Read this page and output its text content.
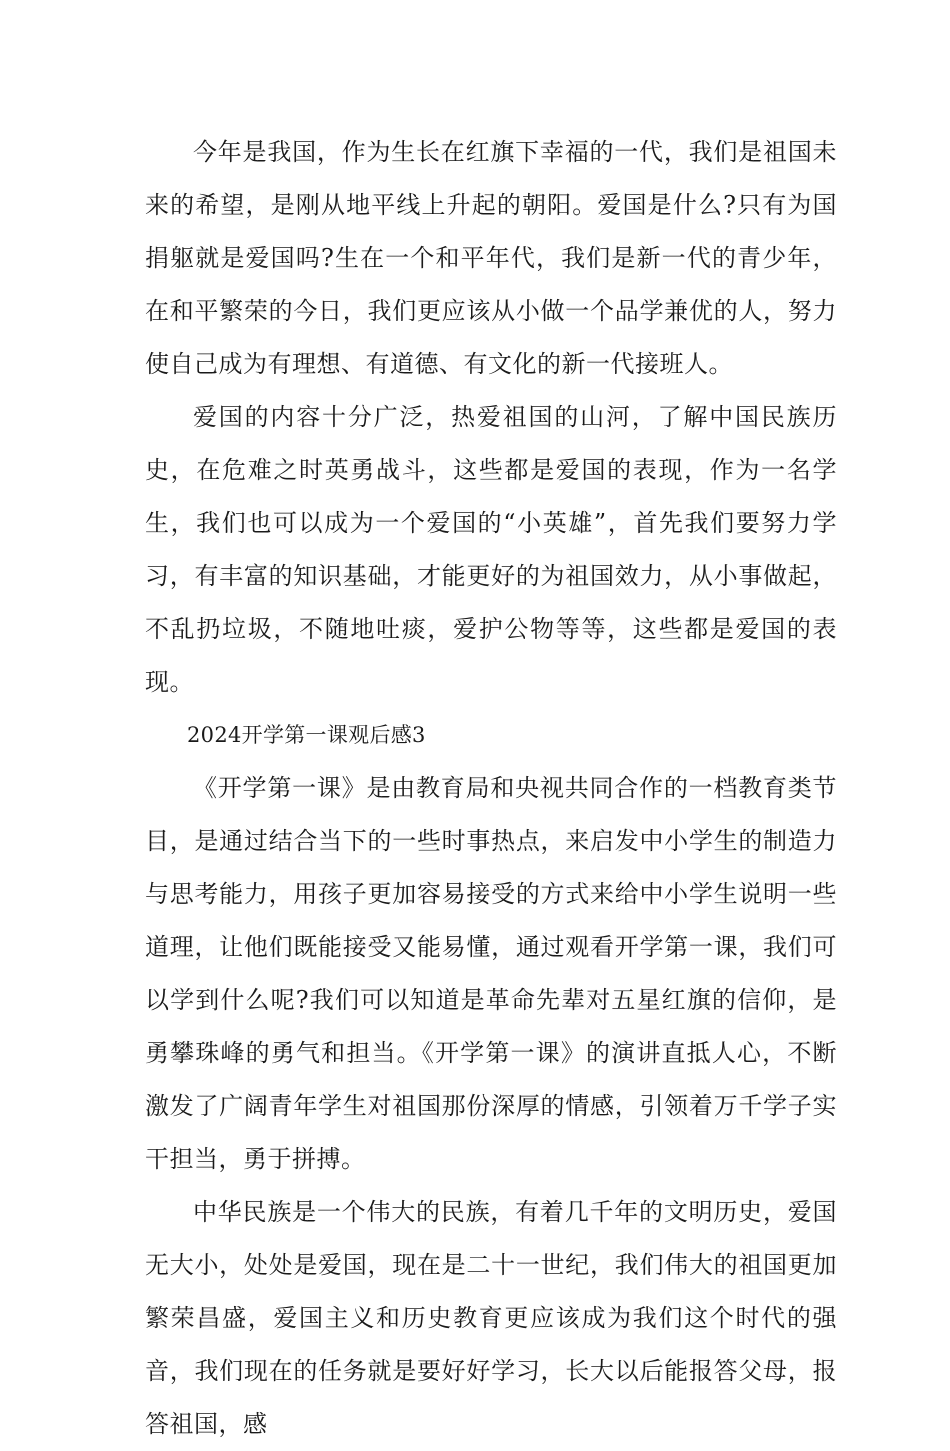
今年是我国，作为生长在红旗下幸福的一代，我们是祖国未来的希望，是刚从地平线上升起的朝阳。爱国是什么?只有为国捐躯就是爱国吗?生在一个和平年代，我们是新一代的青少年，在和平繁荣的今日，我们更应该从小做一个品学兼优的人，努力使自己成为有理想、有道德、有文化的新一代接班人。

爱国的内容十分广泛，热爱祖国的山河，了解中国民族历史，在危难之时英勇战斗，这些都是爱国的表现，作为一名学生，我们也可以成为一个爱国的“小英雄”，首先我们要努力学习，有丰富的知识基础，才能更好的为祖国效力，从小事做起，不乱扔垃圾，不随地吐痰，爱护公物等等，这些都是爱国的表现。

2024开学第一课观后感3

《开学第一课》是由教育局和央视共同合作的一档教育类节目，是通过结合当下的一些时事热点，来启发中小学生的制造力与思考能力，用孩子更加容易接受的方式来给中小学生说明一些道理，让他们既能接受又能易懂，通过观看开学第一课，我们可以学到什么呢?我们可以知道是革命先辈对五星红旗的信仰，是勇攀珠峰的勇气和担当。《开学第一课》的演讲直抵人心，不断激发了广阔青年学生对祖国那份深厚的情感，引领着万千学子实干担当，勇于拼搏。

中华民族是一个伟大的民族，有着几千年的文明历史，爱国无大小，处处是爱国，现在是二十一世纪，我们伟大的祖国更加繁荣昌盛，爱国主义和历史教育更应该成为我们这个时代的强音，我们现在的任务就是要好好学习，长大以后能报答父母，报答祖国，感
